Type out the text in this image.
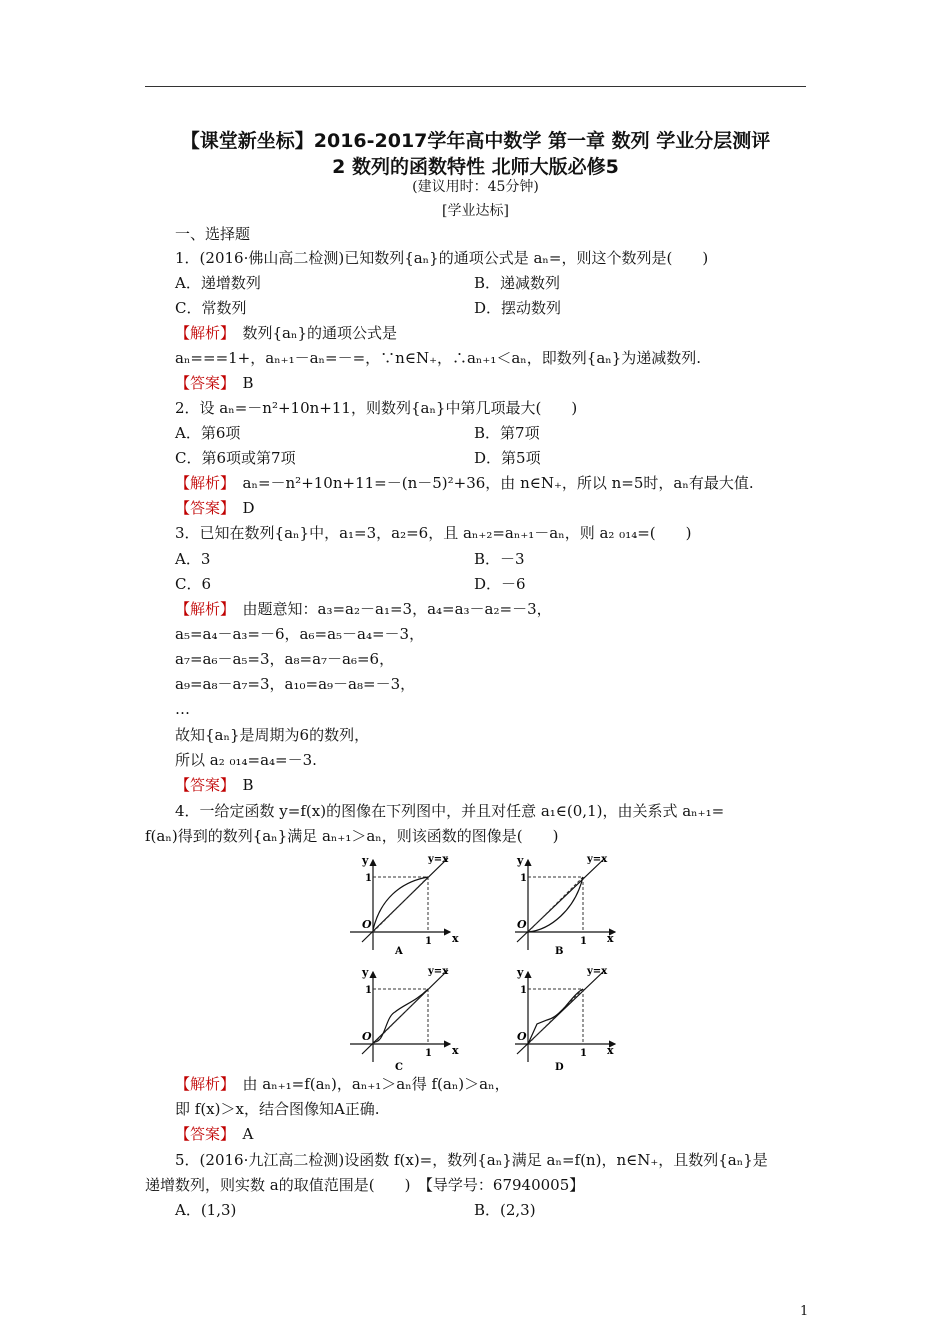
【课堂新坐标】2016-2017学年高中数学 第一章 数列 学业分层测评
2 数列的函数特性 北师大版必修5
(建议用时：45分钟)
[学业达标]
一、选择题
1．(2016·佛山高二检测)已知数列{aₙ}的通项公式是 aₙ=，则这个数列是(　　)
A．递增数列	B．递减数列
C．常数列	D．摆动数列
【解析】　数列{aₙ}的通项公式是
aₙ===1+，aₙ₊₁－aₙ=－=，∵n∈N₊，∴aₙ₊₁＜aₙ，即数列{aₙ}为递减数列.
【答案】　B
2．设 aₙ=－n²+10n+11，则数列{aₙ}中第几项最大(　　)
A．第6项	B．第7项
C．第6项或第7项	D．第5项
【解析】　aₙ=－n²+10n+11=－(n－5)²+36，由 n∈N₊，所以 n=5时，aₙ有最大值.
【答案】　D
3．已知在数列{aₙ}中，a₁=3，a₂=6，且 aₙ₊₂=aₙ₊₁－aₙ，则 a₂ ₀₁₄=(　　)
A．3	B．－3
C．6	D．－6
【解析】　由题意知：a₃=a₂－a₁=3，a₄=a₃－a₂=－3，
a₅=a₄－a₃=－6，a₆=a₅－a₄=－3，
a₇=a₆－a₅=3，a₈=a₇－a₆=6，
a₉=a₈－a₇=3，a₁₀=a₉－a₈=－3，
…
故知{aₙ}是周期为6的数列，
所以 a₂ ₀₁₄=a₄=－3.
【答案】　B
4．一给定函数 y=f(x)的图像在下列图中，并且对任意 a₁∈(0,1)，由关系式 aₙ₊₁=
f(aₙ)得到的数列{aₙ}满足 aₙ₊₁＞aₙ，则该函数的图像是(　　)
y
x
y=x
1
1
O
A
y
x
y=x
1
1
O
B
y
x
y=x
1
1
O
C
y
x
y=x
1
1
O
D
【解析】　由 aₙ₊₁=f(aₙ)，aₙ₊₁＞aₙ得 f(aₙ)＞aₙ，
即 f(x)＞x，结合图像知A正确.
【答案】　A
5．(2016·九江高二检测)设函数 f(x)=，数列{aₙ}满足 aₙ=f(n)，n∈N₊，且数列{aₙ}是
递增数列，则实数 a的取值范围是(　　)　【导学号：67940005】
A．(1,3)	B．(2,3)
1
